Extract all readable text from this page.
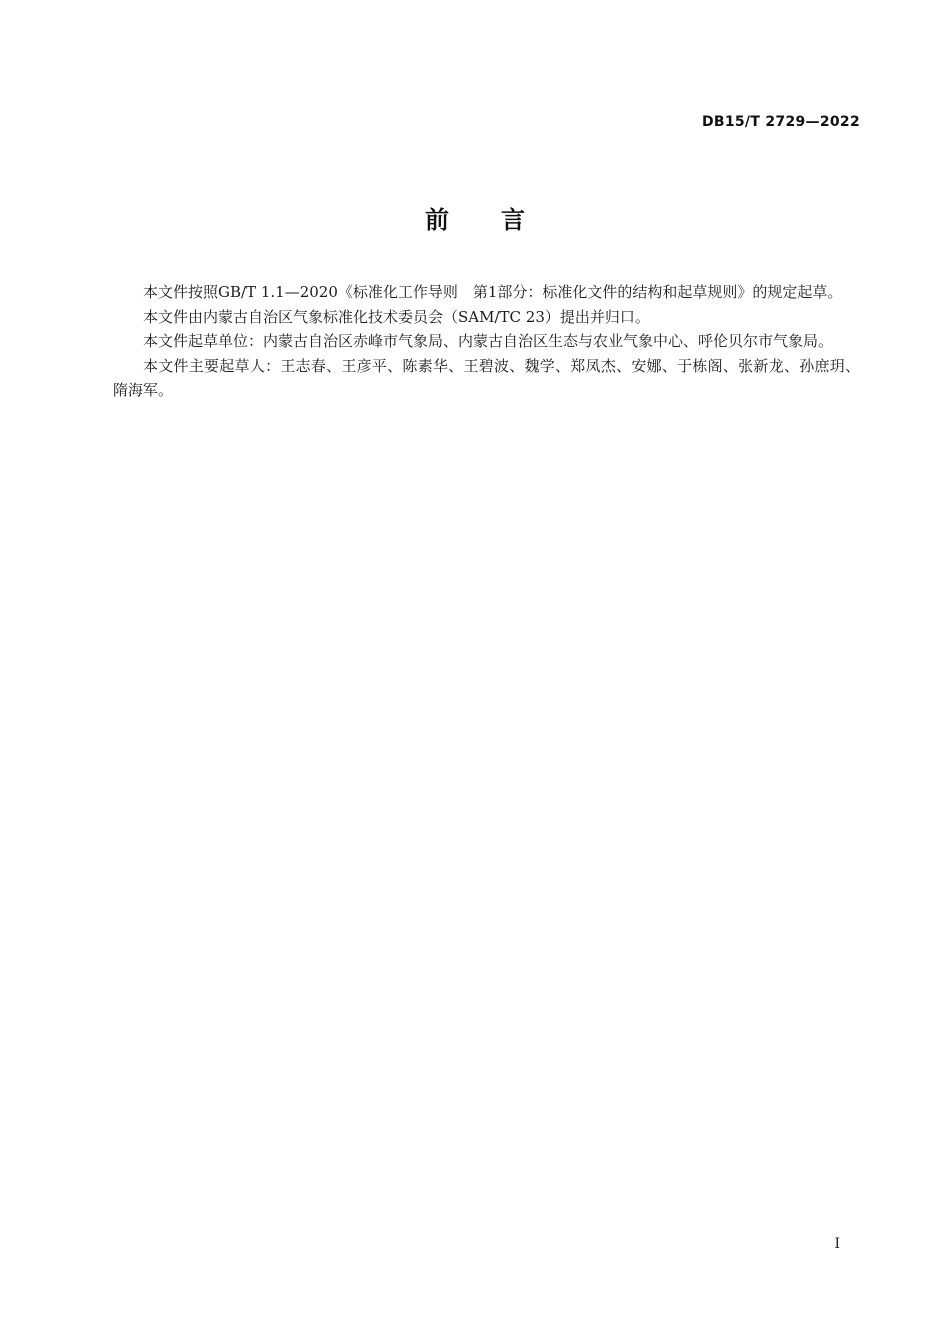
DB15/T 2729—2022
前言

本文件按照GB/T 1.1—2020《标准化工作导则　第1部分：标准化文件的结构和起草规则》的规定起草。

本文件由内蒙古自治区气象标准化技术委员会（SAM/TC 23）提出并归口。

本文件起草单位：内蒙古自治区赤峰市气象局、内蒙古自治区生态与农业气象中心、呼伦贝尔市气象局。

本文件主要起草人：王志春、王彦平、陈素华、王碧波、魏学、郑凤杰、安娜、于栋阁、张新龙、孙庶玥、隋海军。

I
